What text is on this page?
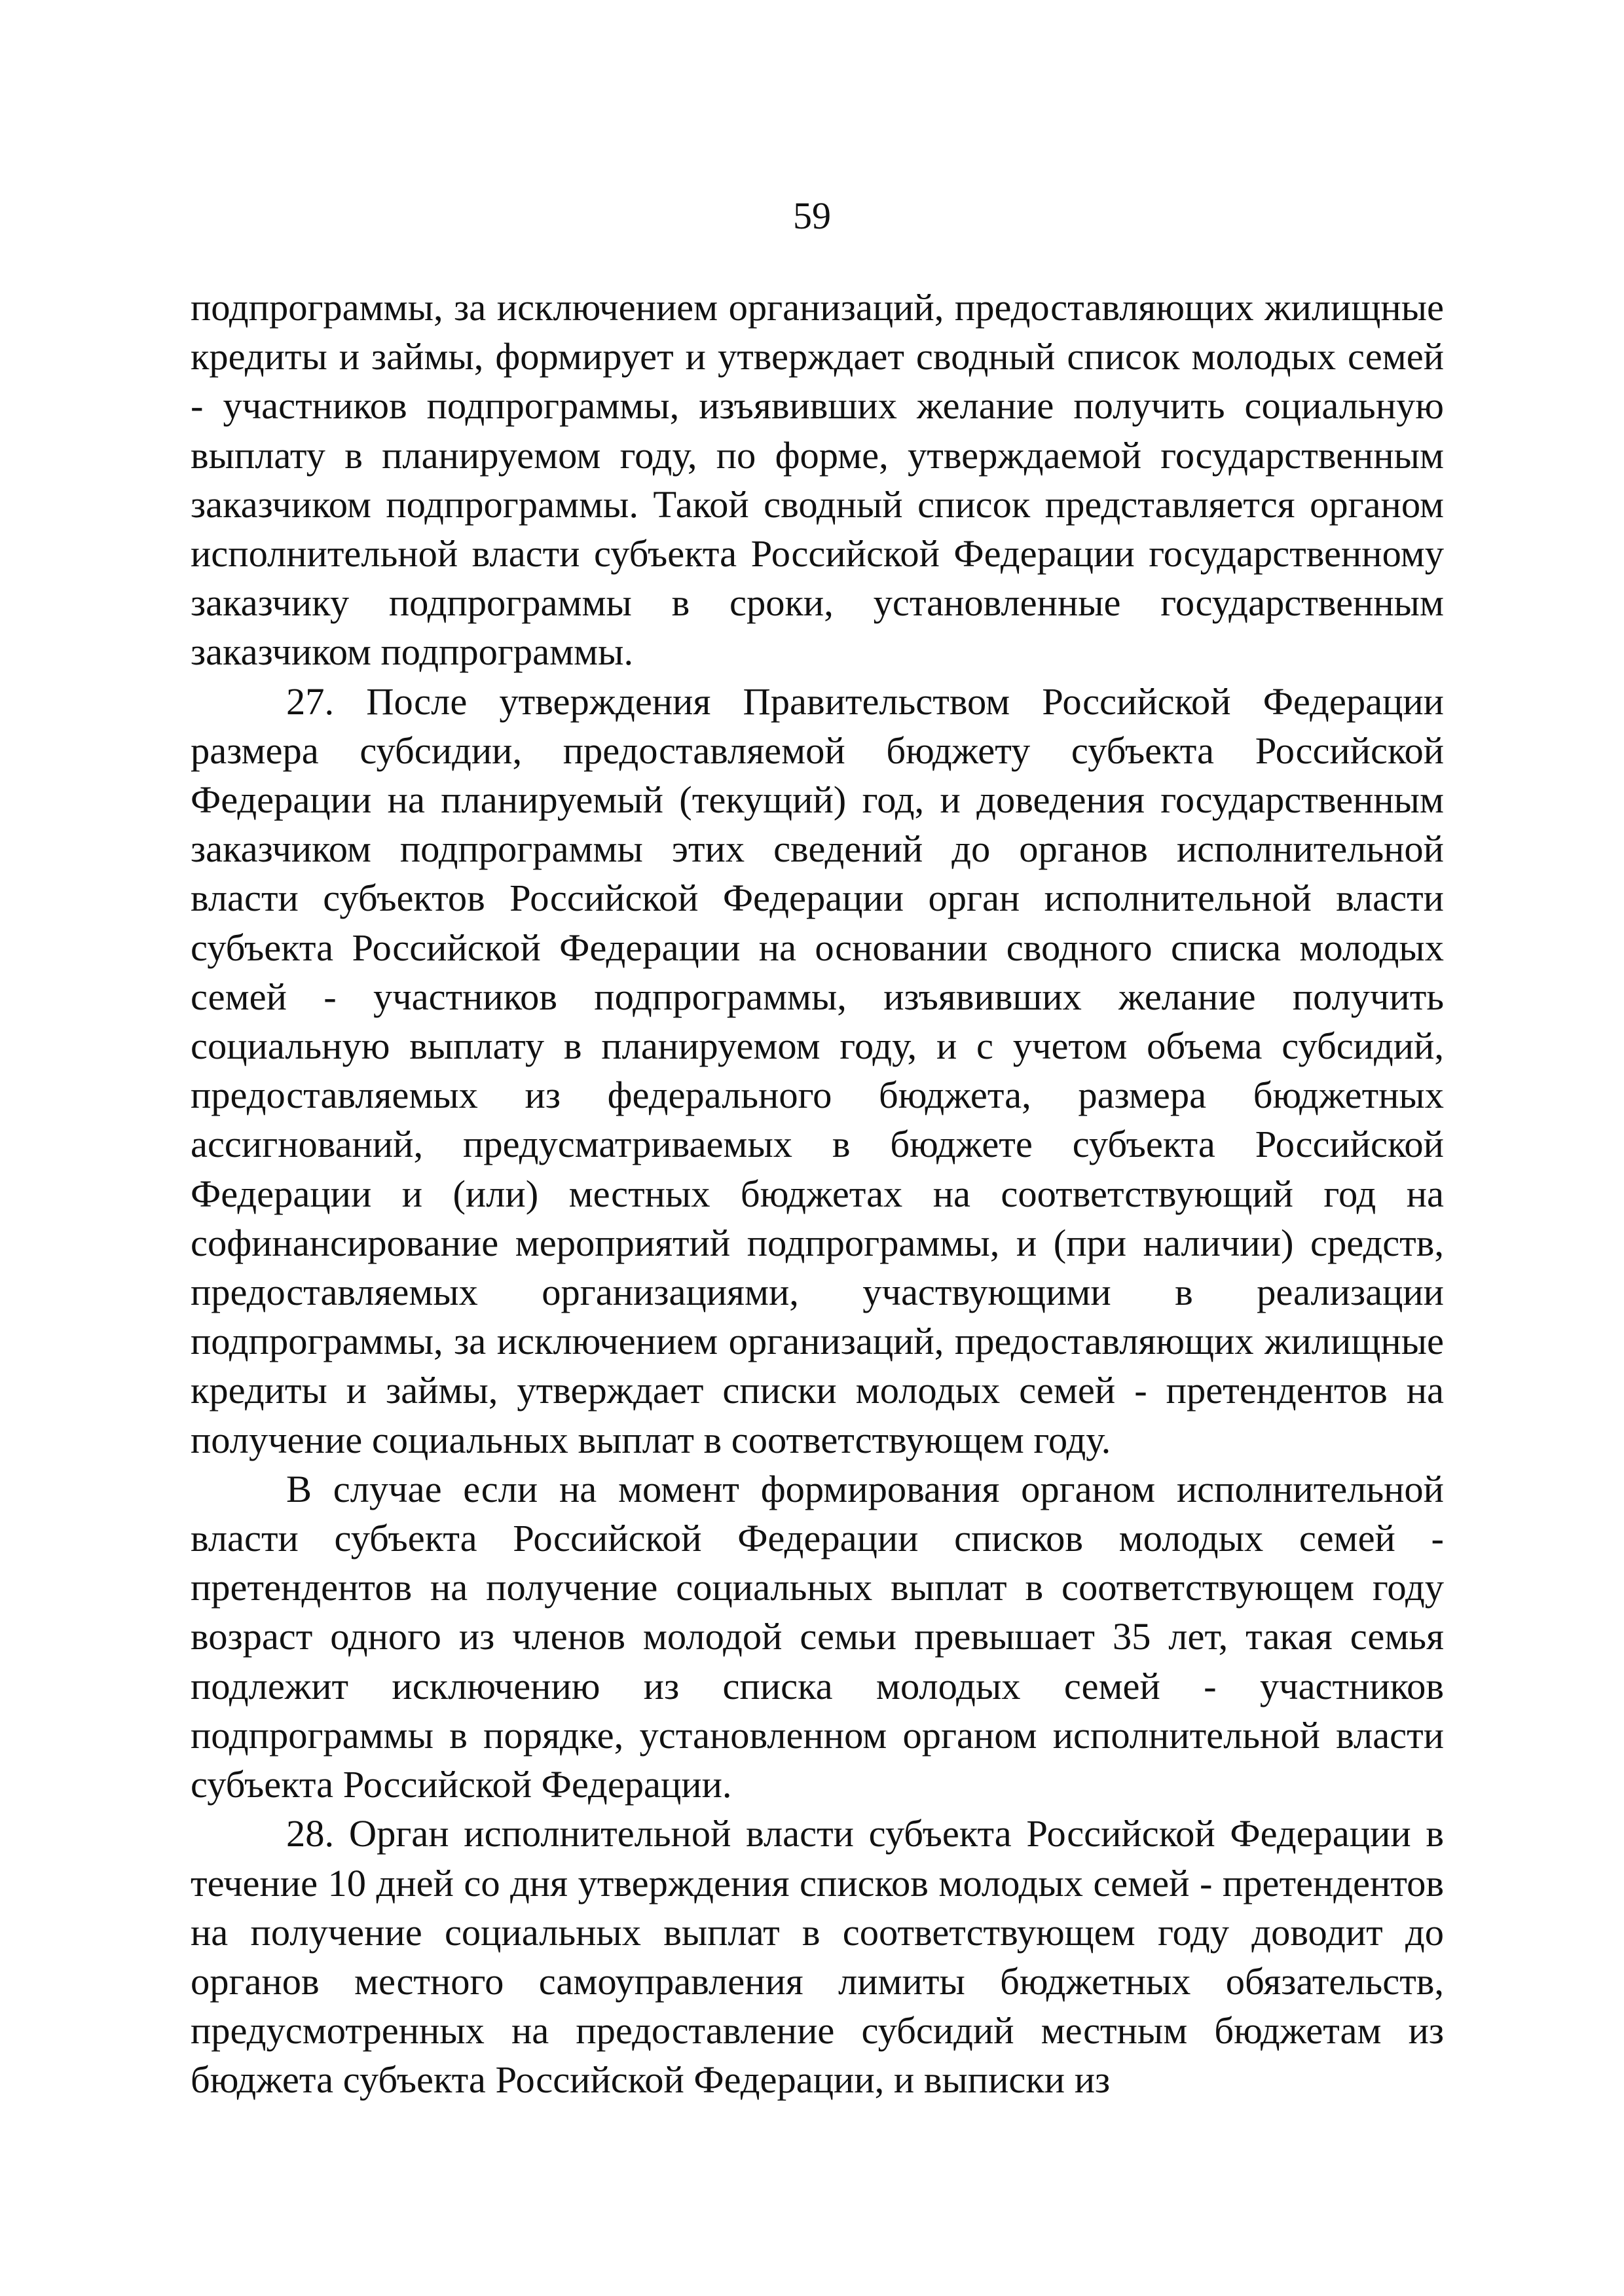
59

подпрограммы, за исключением организаций, предоставляющих жилищные кредиты и займы, формирует и утверждает сводный список молодых семей - участников подпрограммы, изъявивших желание получить социальную выплату в планируемом году, по форме, утверждаемой государственным заказчиком подпрограммы. Такой сводный список представляется органом исполнительной власти субъекта Российской Федерации государственному заказчику подпрограммы в сроки, установленные государственным заказчиком подпрограммы.

27. После утверждения Правительством Российской Федерации размера субсидии, предоставляемой бюджету субъекта Российской Федерации на планируемый (текущий) год, и доведения государственным заказчиком подпрограммы этих сведений до органов исполнительной власти субъектов Российской Федерации орган исполнительной власти субъекта Российской Федерации на основании сводного списка молодых семей - участников подпрограммы, изъявивших желание получить социальную выплату в планируемом году, и с учетом объема субсидий, предоставляемых из федерального бюджета, размера бюджетных ассигнований, предусматриваемых в бюджете субъекта Российской Федерации и (или) местных бюджетах на соответствующий год на софинансирование мероприятий подпрограммы, и (при наличии) средств, предоставляемых организациями, участвующими в реализации подпрограммы, за исключением организаций, предоставляющих жилищные кредиты и займы, утверждает списки молодых семей - претендентов на получение социальных выплат в соответствующем году.

В случае если на момент формирования органом исполнительной власти субъекта Российской Федерации списков молодых семей - претендентов на получение социальных выплат в соответствующем году возраст одного из членов молодой семьи превышает 35 лет, такая семья подлежит исключению из списка молодых семей - участников подпрограммы в порядке, установленном органом исполнительной власти субъекта Российской Федерации.

28. Орган исполнительной власти субъекта Российской Федерации в течение 10 дней со дня утверждения списков молодых семей - претендентов на получение социальных выплат в соответствующем году доводит до органов местного самоуправления лимиты бюджетных обязательств, предусмотренных на предоставление субсидий местным бюджетам из бюджета субъекта Российской Федерации, и выписки из
